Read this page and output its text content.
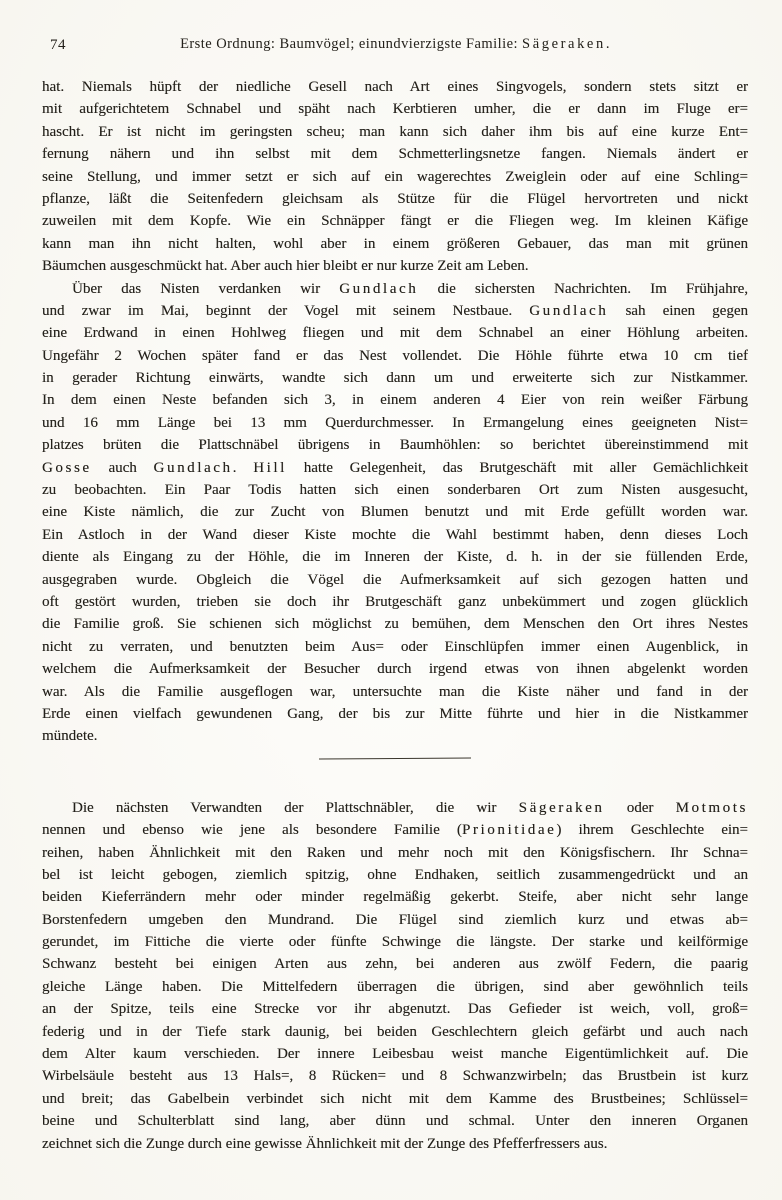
74	Erste Ordnung: Baumvögel; einundvierzigste Familie: Sägeraken.
hat. Niemals hüpft der niedliche Gesell nach Art eines Singvogels, sondern stets sitzt er
mit aufgerichtetem Schnabel und späht nach Kerbtieren umher, die er dann im Fluge er=
hascht. Er ist nicht im geringsten scheu; man kann sich daher ihm bis auf eine kurze Ent=
fernung nähern und ihn selbst mit dem Schmetterlingsnetze fangen. Niemals ändert er
seine Stellung, und immer setzt er sich auf ein wagerechtes Zweiglein oder auf eine Schling=
pflanze, läßt die Seitenfedern gleichsam als Stütze für die Flügel hervortreten und nickt
zuweilen mit dem Kopfe. Wie ein Schnäpper fängt er die Fliegen weg. Im kleinen Käfige
kann man ihn nicht halten, wohl aber in einem größeren Gebauer, das man mit grünen
Bäumchen ausgeschmückt hat. Aber auch hier bleibt er nur kurze Zeit am Leben.
Über das Nisten verdanken wir Gundlach die sichersten Nachrichten. Im Frühjahre,
und zwar im Mai, beginnt der Vogel mit seinem Nestbaue. Gundlach sah einen gegen
eine Erdwand in einen Hohlweg fliegen und mit dem Schnabel an einer Höhlung arbeiten.
Ungefähr 2 Wochen später fand er das Nest vollendet. Die Höhle führte etwa 10 cm tief
in gerader Richtung einwärts, wandte sich dann um und erweiterte sich zur Nistkammer.
In dem einen Neste befanden sich 3, in einem anderen 4 Eier von rein weißer Färbung
und 16 mm Länge bei 13 mm Querdurchmesser. In Ermangelung eines geeigneten Nist=
platzes brüten die Plattschnäbel übrigens in Baumhöhlen: so berichtet übereinstimmend mit
Gosse auch Gundlach. Hill hatte Gelegenheit, das Brutgeschäft mit aller Gemächlichkeit
zu beobachten. Ein Paar Todis hatten sich einen sonderbaren Ort zum Nisten ausgesucht,
eine Kiste nämlich, die zur Zucht von Blumen benutzt und mit Erde gefüllt worden war.
Ein Astloch in der Wand dieser Kiste mochte die Wahl bestimmt haben, denn dieses Loch
diente als Eingang zu der Höhle, die im Inneren der Kiste, d. h. in der sie füllenden Erde,
ausgegraben wurde. Obgleich die Vögel die Aufmerksamkeit auf sich gezogen hatten und
oft gestört wurden, trieben sie doch ihr Brutgeschäft ganz unbekümmert und zogen glücklich
die Familie groß. Sie schienen sich möglichst zu bemühen, dem Menschen den Ort ihres Nestes
nicht zu verraten, und benutzten beim Aus= oder Einschlüpfen immer einen Augenblick, in
welchem die Aufmerksamkeit der Besucher durch irgend etwas von ihnen abgelenkt worden
war. Als die Familie ausgeflogen war, untersuchte man die Kiste näher und fand in der
Erde einen vielfach gewundenen Gang, der bis zur Mitte führte und hier in die Nistkammer
mündete.
Die nächsten Verwandten der Plattschnäbler, die wir Sägeraken oder Motmots
nennen und ebenso wie jene als besondere Familie (Prionitidae) ihrem Geschlechte ein=
reihen, haben Ähnlichkeit mit den Raken und mehr noch mit den Königsfischern. Ihr Schna=
bel ist leicht gebogen, ziemlich spitzig, ohne Endhaken, seitlich zusammengedrückt und an
beiden Kieferrändern mehr oder minder regelmäßig gekerbt. Steife, aber nicht sehr lange
Borstenfedern umgeben den Mundrand. Die Flügel sind ziemlich kurz und etwas ab=
gerundet, im Fittiche die vierte oder fünfte Schwinge die längste. Der starke und keilförmige
Schwanz besteht bei einigen Arten aus zehn, bei anderen aus zwölf Federn, die paarig
gleiche Länge haben. Die Mittelfedern überragen die übrigen, sind aber gewöhnlich teils
an der Spitze, teils eine Strecke vor ihr abgenutzt. Das Gefieder ist weich, voll, groß=
federig und in der Tiefe stark daunig, bei beiden Geschlechtern gleich gefärbt und auch nach
dem Alter kaum verschieden. Der innere Leibesbau weist manche Eigentümlichkeit auf. Die
Wirbelsäule besteht aus 13 Hals=, 8 Rücken= und 8 Schwanzwirbeln; das Brustbein ist kurz
und breit; das Gabelbein verbindet sich nicht mit dem Kamme des Brustbeines; Schlüssel=
beine und Schulterblatt sind lang, aber dünn und schmal. Unter den inneren Organen
zeichnet sich die Zunge durch eine gewisse Ähnlichkeit mit der Zunge des Pfefferfressers aus.
